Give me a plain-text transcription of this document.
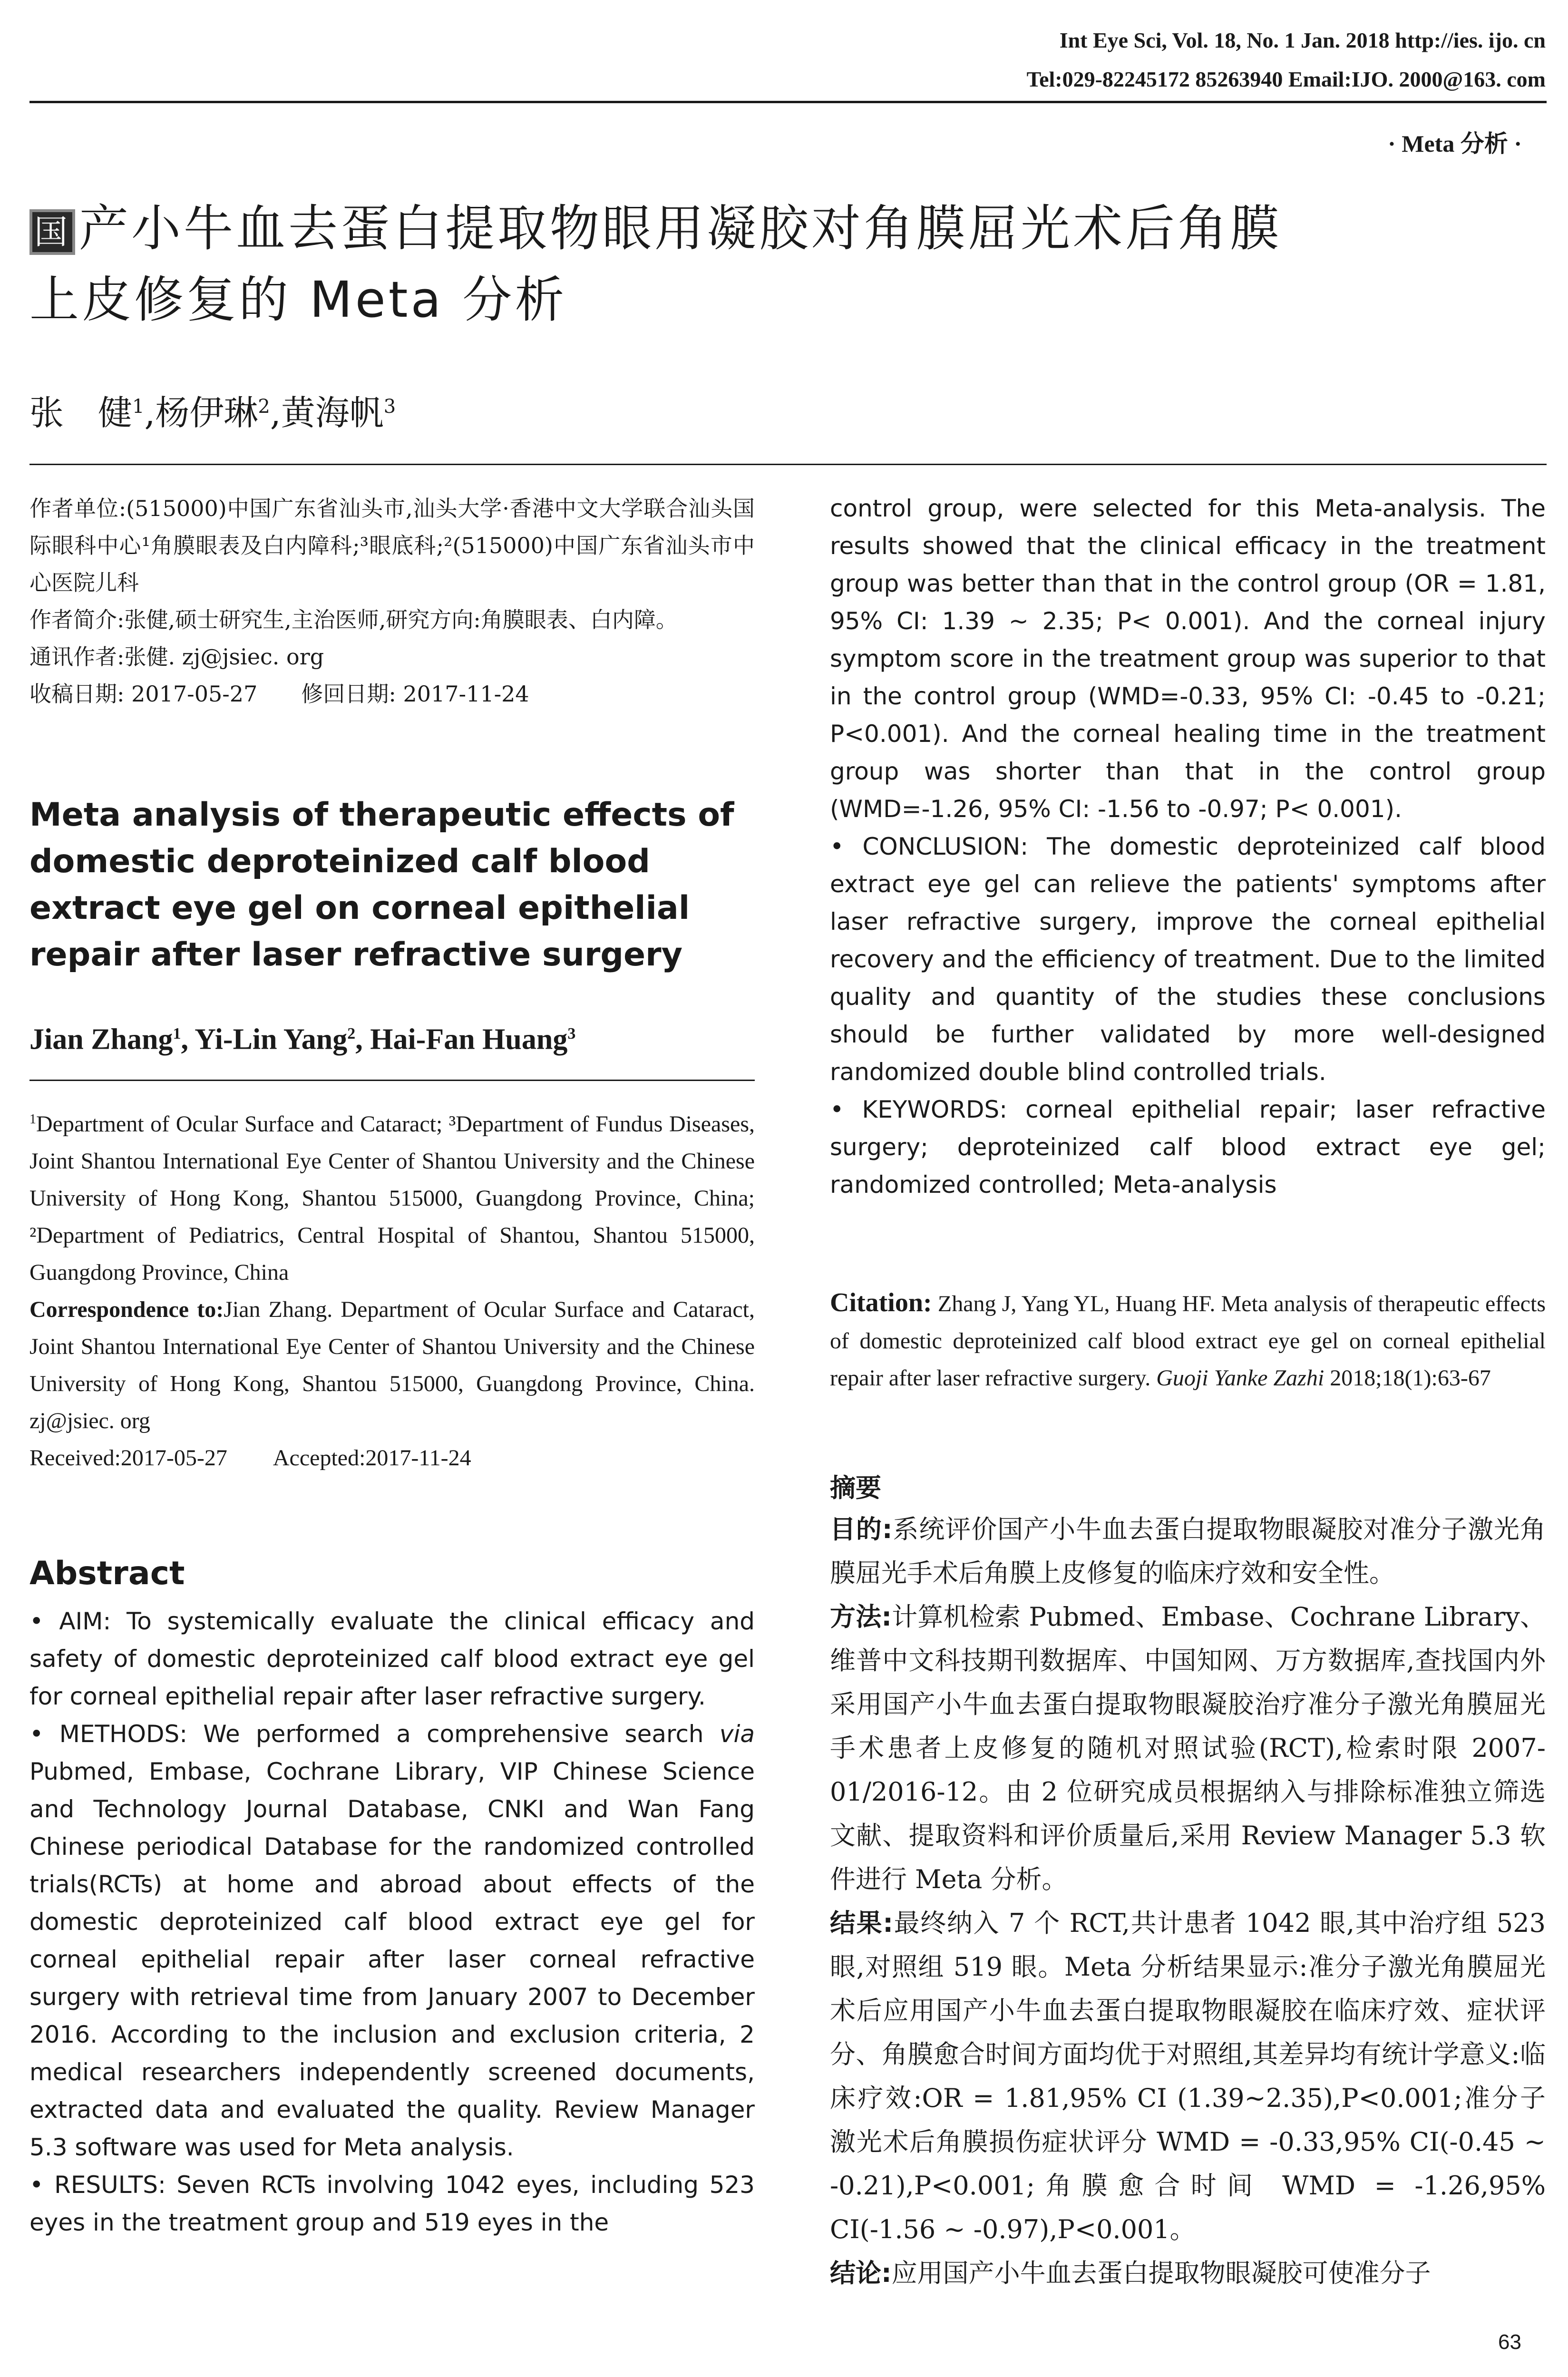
Int Eye Sci, Vol. 18, No. 1 Jan. 2018 http://ies. ijo. cn
Tel:029-82245172 85263940 Email:IJO. 2000@163. com
· Meta 分析 ·
国 产小牛血去蛋白提取物眼用凝胶对角膜屈光术后角膜
上皮修复的 Meta 分析
张　健$^1$,杨伊琳$^2$,黄海帆$^3$
作者单位:(515000)中国广东省汕头市,汕头大学·香港中文大学联合汕头国际眼科中心¹角膜眼表及白内障科;³眼底科;²(515000)中国广东省汕头市中心医院儿科
作者简介:张健,硕士研究生,主治医师,研究方向:角膜眼表、白内障。
通讯作者:张健. zj@jsiec. org
收稿日期: 2017-05-27　　修回日期: 2017-11-24
Meta analysis of therapeutic effects of domestic deproteinized calf blood extract eye gel on corneal epithelial repair after laser refractive surgery
Jian Zhang$^1$, Yi-Lin Yang$^2$, Hai-Fan Huang$^3$
$^1$Department of Ocular Surface and Cataract; ³Department of Fundus Diseases, Joint Shantou International Eye Center of Shantou University and the Chinese University of Hong Kong, Shantou 515000, Guangdong Province, China; ²Department of Pediatrics, Central Hospital of Shantou, Shantou 515000, Guangdong Province, China
Correspondence to:Jian Zhang. Department of Ocular Surface and Cataract, Joint Shantou International Eye Center of Shantou University and the Chinese University of Hong Kong, Shantou 515000, Guangdong Province, China. zj@jsiec. org
Received:2017-05-27　　Accepted:2017-11-24
Abstract
• AIM: To systemically evaluate the clinical efficacy and safety of domestic deproteinized calf blood extract eye gel for corneal epithelial repair after laser refractive surgery.
• METHODS: We performed a comprehensive search via Pubmed, Embase, Cochrane Library, VIP Chinese Science and Technology Journal Database, CNKI and Wan Fang Chinese periodical Database for the randomized controlled trials(RCTs) at home and abroad about effects of the domestic deproteinized calf blood extract eye gel for corneal epithelial repair after laser corneal refractive surgery with retrieval time from January 2007 to December 2016. According to the inclusion and exclusion criteria, 2 medical researchers independently screened documents, extracted data and evaluated the quality. Review Manager 5.3 software was used for Meta analysis.
• RESULTS: Seven RCTs involving 1042 eyes, including 523 eyes in the treatment group and 519 eyes in the
control group, were selected for this Meta-analysis. The results showed that the clinical efficacy in the treatment group was better than that in the control group (OR = 1.81, 95% CI: 1.39 ~ 2.35; P< 0.001). And the corneal injury symptom score in the treatment group was superior to that in the control group (WMD=-0.33, 95% CI: -0.45 to -0.21; P<0.001). And the corneal healing time in the treatment group was shorter than that in the control group (WMD=-1.26, 95% CI: -1.56 to -0.97; P< 0.001).
• CONCLUSION: The domestic deproteinized calf blood extract eye gel can relieve the patients' symptoms after laser refractive surgery, improve the corneal epithelial recovery and the efficiency of treatment. Due to the limited quality and quantity of the studies these conclusions should be further validated by more well-designed randomized double blind controlled trials.
• KEYWORDS: corneal epithelial repair; laser refractive surgery; deproteinized calf blood extract eye gel; randomized controlled; Meta-analysis
Citation: Zhang J, Yang YL, Huang HF. Meta analysis of therapeutic effects of domestic deproteinized calf blood extract eye gel on corneal epithelial repair after laser refractive surgery. Guoji Yanke Zazhi 2018;18(1):63-67
摘要
目的:系统评价国产小牛血去蛋白提取物眼凝胶对准分子激光角膜屈光手术后角膜上皮修复的临床疗效和安全性。
方法:计算机检索 Pubmed、Embase、Cochrane Library、维普中文科技期刊数据库、中国知网、万方数据库,查找国内外采用国产小牛血去蛋白提取物眼凝胶治疗准分子激光角膜屈光手术患者上皮修复的随机对照试验(RCT),检索时限 2007-01/2016-12。由 2 位研究成员根据纳入与排除标准独立筛选文献、提取资料和评价质量后,采用 Review Manager 5.3 软件进行 Meta 分析。
结果:最终纳入 7 个 RCT,共计患者 1042 眼,其中治疗组 523 眼,对照组 519 眼。Meta 分析结果显示:准分子激光角膜屈光术后应用国产小牛血去蛋白提取物眼凝胶在临床疗效、症状评分、角膜愈合时间方面均优于对照组,其差异均有统计学意义:临床疗效:OR = 1.81,95% CI (1.39~2.35),P<0.001;准分子激光术后角膜损伤症状评分 WMD = -0.33,95% CI(-0.45 ~ -0.21),P<0.001;角膜愈合时间 WMD = -1.26,95% CI(-1.56 ~ -0.97),P<0.001。
结论:应用国产小牛血去蛋白提取物眼凝胶可使准分子
63
